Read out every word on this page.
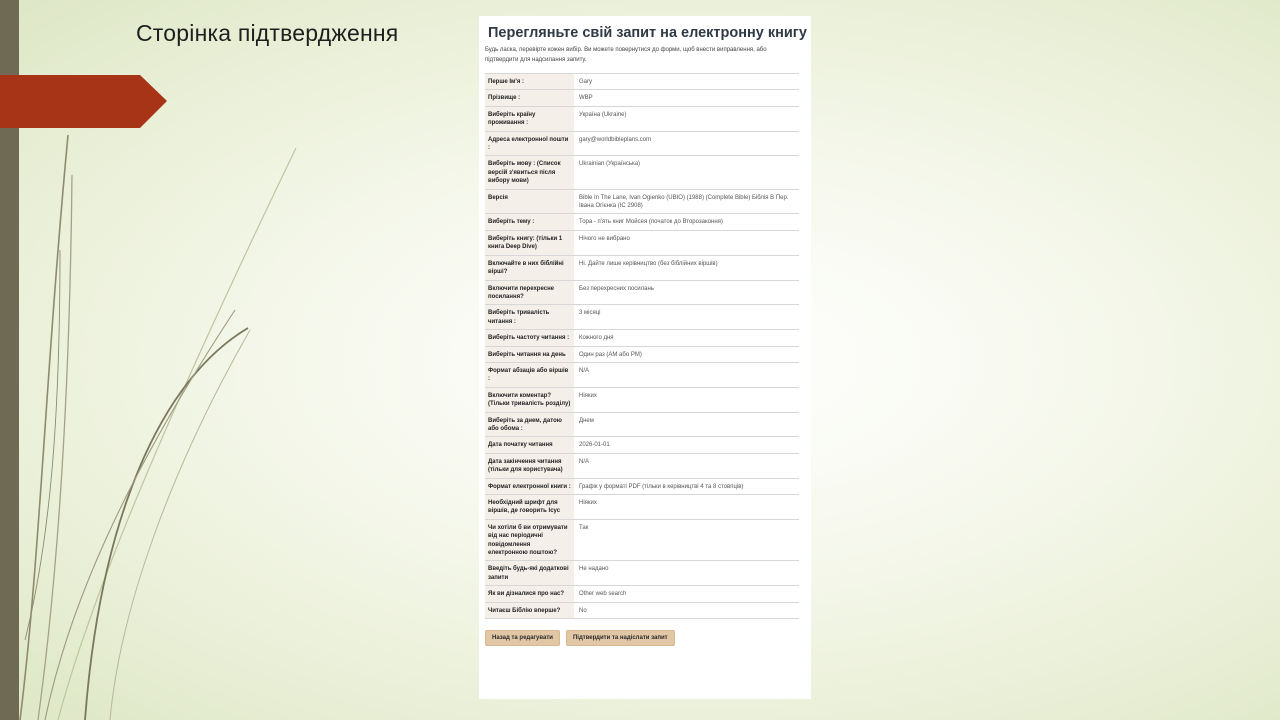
Сторінка підтвердження	Перегляньте свій запит на електронну книгу
Будь ласка, перевірте кожен вибір. Ви можете повернутися до форми, щоб внести виправлення, або підтвердити для надсилання запиту.
Перше Ім'я :	Gary
Прізвище :	WBP
Виберіть країну проживання :	Україна (Ukraine)
Адреса електронної пошти :	gary@worldbibleplans.com
Виберіть мову : (Список версій з'явиться після вибору мови)	Ukrainian (Українська)
Версія	Bible In The Lane, Ivan Ogienko (UBIO) (1988) (Complete Bible) Біблія В Пер. Івана Огієнка (IC 2908)
Виберіть тему :	Тора - п'ять книг Мойсея (початок до Второзаконня)
Виберіть книгу: (тільки 1 книга Deep Dive)	Нічого не вибрано
Включайте в них біблійні вірші?	Ні. Дайте лише керівництво (без біблійних віршів)
Включити перехресне посилання?	Без перехресних посилань
Виберіть тривалість читання :	3 місяці
Виберіть частоту читання :	Кожного дня
Виберіть читання на день	Один раз (AM або PM)
Формат абзаців або віршів :	N/A
Включити коментар? (Тільки тривалість розділу)	Ніяких
Виберіть за днем, датою або обома :	Днем
Дата початку читання	2026-01-01
Дата закінчення читання (тільки для користувача)	N/A
Формат електронної книги :	Графік у форматі PDF (тільки в керівництві 4 та 8 стовпців)
Необхідний шрифт для віршів, де говорить Ісус	Ніяких
Чи хотіли б ви отримувати від нас періодичні повідомлення електронною поштою?	Так
Введіть будь-які додаткові запити	Не надано
Як ви дізналися про нас?	Other web search
Читаєш Біблію вперше?	No
Назад та редагувати	Підтвердити та надіслати запит
